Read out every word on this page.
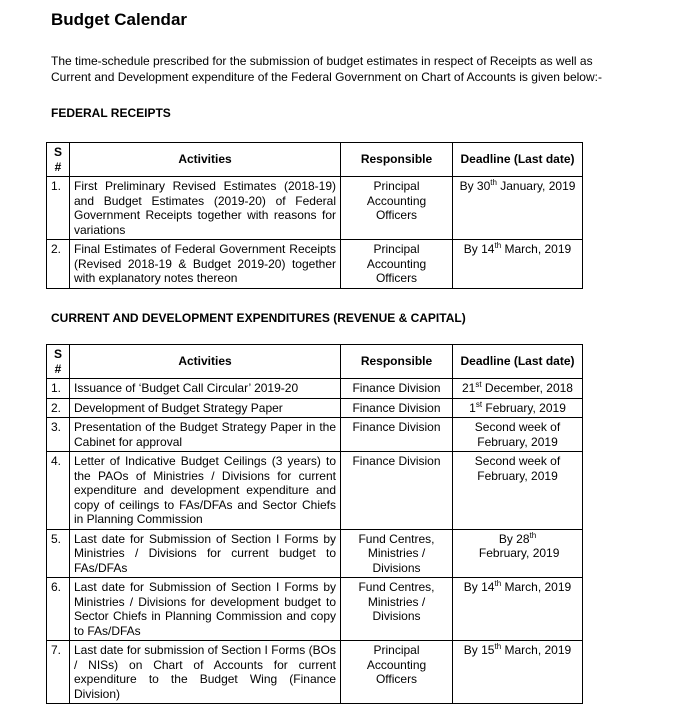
Budget Calendar
The time-schedule prescribed for the submission of budget estimates in respect of Receipts as well as Current and Development expenditure of the Federal Government on Chart of Accounts is given below:-
FEDERAL RECEIPTS
S #	Activities	Responsible	Deadline (Last date)
1.	First Preliminary Revised Estimates (2018-19) and Budget Estimates (2019-20) of Federal Government Receipts together with reasons for variations	Principal Accounting Officers	By 30th January, 2019
2.	Final Estimates of Federal Government Receipts (Revised 2018-19 & Budget 2019-20) together with explanatory notes thereon	Principal Accounting Officers	By 14th March, 2019
CURRENT AND DEVELOPMENT EXPENDITURES (REVENUE & CAPITAL)
S #	Activities	Responsible	Deadline (Last date)
1.	Issuance of ‘Budget Call Circular’ 2019-20	Finance Division	21st December, 2018
2.	Development of Budget Strategy Paper	Finance Division	1st February, 2019
3.	Presentation of the Budget Strategy Paper in the Cabinet for approval	Finance Division	Second week of February, 2019
4.	Letter of Indicative Budget Ceilings (3 years) to the PAOs of Ministries / Divisions for current expenditure and development expenditure and copy of ceilings to FAs/DFAs and Sector Chiefs in Planning Commission	Finance Division	Second week of February, 2019
5.	Last date for Submission of Section I Forms by Ministries / Divisions for current budget to FAs/DFAs	Fund Centres, Ministries / Divisions	By 28th February, 2019
6.	Last date for Submission of Section I Forms by Ministries / Divisions for development budget to Sector Chiefs in Planning Commission and copy to FAs/DFAs	Fund Centres, Ministries / Divisions	By 14th March, 2019
7.	Last date for submission of Section I Forms (BOs / NISs) on Chart of Accounts for current expenditure to the Budget Wing (Finance Division)	Principal Accounting Officers	By 15th March, 2019
